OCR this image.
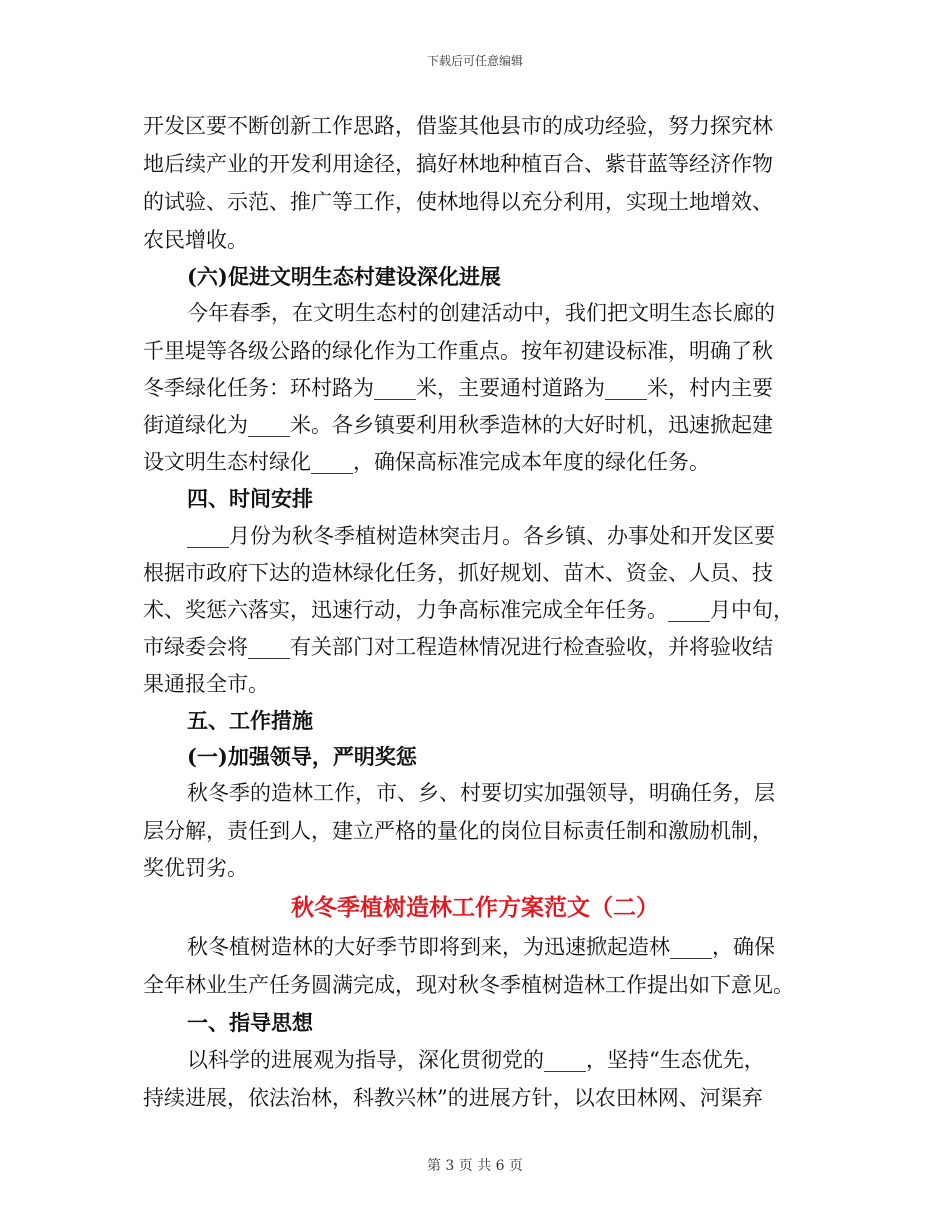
下载后可任意编辑
开发区要不断创新工作思路，借鉴其他县市的成功经验，努力探究林
地后续产业的开发利用途径，搞好林地种植百合、紫苷蓝等经济作物
的试验、示范、推广等工作，使林地得以充分利用，实现土地增效、
农民增收。
(六)促进文明生态村建设深化进展
今年春季，在文明生态村的创建活动中，我们把文明生态长廊的
千里堤等各级公路的绿化作为工作重点。按年初建设标准，明确了秋
冬季绿化任务：环村路为____米，主要通村道路为____米，村内主要
街道绿化为____米。各乡镇要利用秋季造林的大好时机，迅速掀起建
设文明生态村绿化____，确保高标准完成本年度的绿化任务。
四、时间安排
____月份为秋冬季植树造林突击月。各乡镇、办事处和开发区要
根据市政府下达的造林绿化任务，抓好规划、苗木、资金、人员、技
术、奖惩六落实，迅速行动，力争高标准完成全年任务。____月中旬，
市绿委会将____有关部门对工程造林情况进行检查验收，并将验收结
果通报全市。
五、工作措施
(一)加强领导，严明奖惩
秋冬季的造林工作，市、乡、村要切实加强领导，明确任务，层
层分解，责任到人，建立严格的量化的岗位目标责任制和激励机制，
奖优罚劣。
秋冬季植树造林工作方案范文（二）
秋冬植树造林的大好季节即将到来，为迅速掀起造林____，确保
全年林业生产任务圆满完成，现对秋冬季植树造林工作提出如下意见。
一、指导思想
以科学的进展观为指导，深化贯彻党的____，坚持“生态优先，
持续进展，依法治林，科教兴林”的进展方针，以农田林网、河渠弃
第 3 页 共 6 页
